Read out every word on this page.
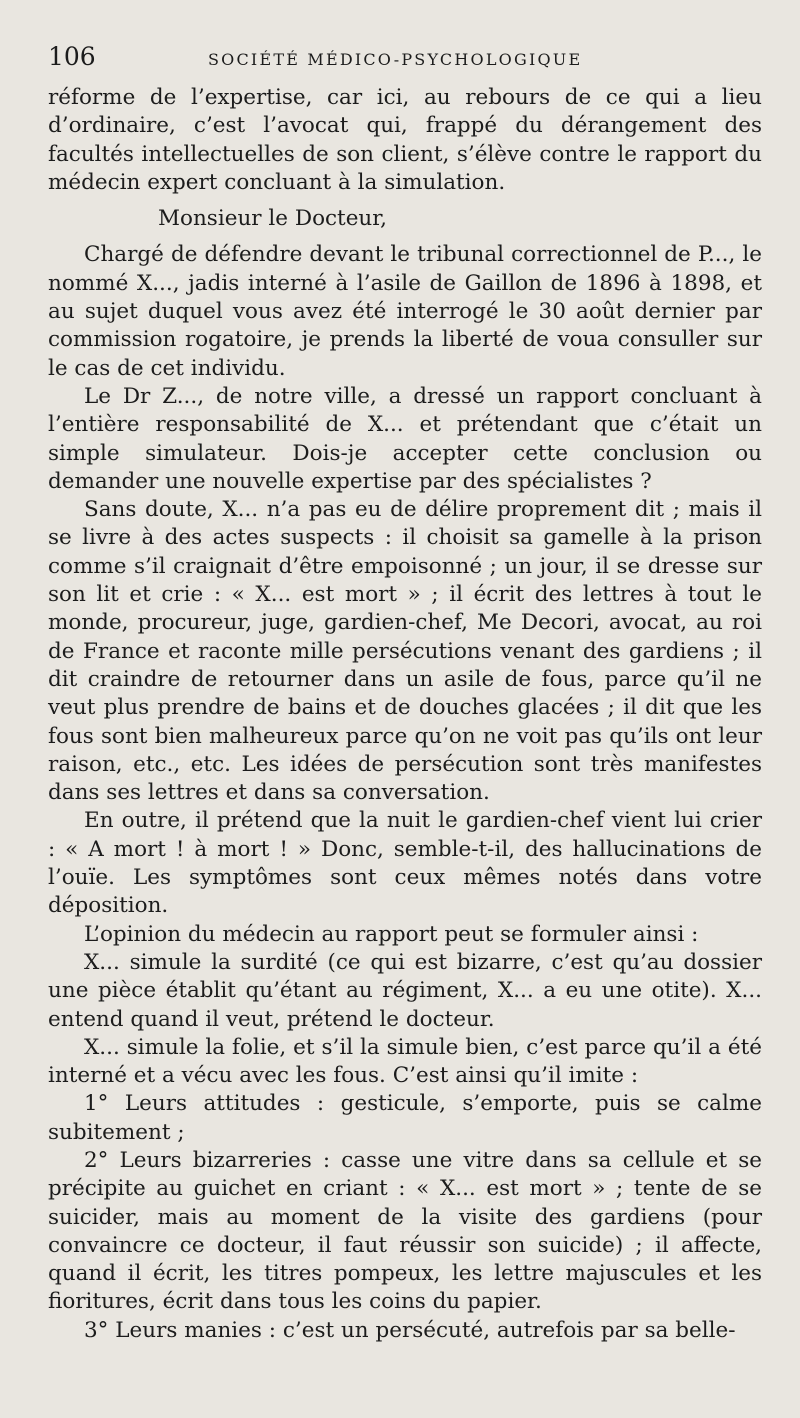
106	SOCIÉTÉ MÉDICO-PSYCHOLOGIQUE

réforme de l’expertise, car ici, au rebours de ce qui a lieu d’ordinaire, c’est l’avocat qui, frappé du dérangement des facultés intellectuelles de son client, s’élève contre le rapport du médecin expert concluant à la simulation.

Monsieur le Docteur,

Chargé de défendre devant le tribunal correctionnel de P..., le nommé X..., jadis interné à l’asile de Gaillon de 1896 à 1898, et au sujet duquel vous avez été interrogé le 30 août dernier par commission rogatoire, je prends la liberté de voua consuller sur le cas de cet individu.

Le Dr Z..., de notre ville, a dressé un rapport concluant à l’entière responsabilité de X... et prétendant que c’était un simple simulateur. Dois-je accepter cette conclusion ou demander une nouvelle expertise par des spécialistes ?

Sans doute, X... n’a pas eu de délire proprement dit ; mais il se livre à des actes suspects : il choisit sa gamelle à la prison comme s’il craignait d’être empoisonné ; un jour, il se dresse sur son lit et crie : « X... est mort » ; il écrit des lettres à tout le monde, procureur, juge, gardien-chef, Me Decori, avocat, au roi de France et raconte mille persécutions venant des gardiens ; il dit craindre de retourner dans un asile de fous, parce qu’il ne veut plus prendre de bains et de douches glacées ; il dit que les fous sont bien malheureux parce qu’on ne voit pas qu’ils ont leur raison, etc., etc. Les idées de persécution sont très manifestes dans ses lettres et dans sa conversation.

En outre, il prétend que la nuit le gardien-chef vient lui crier : « A mort ! à mort ! » Donc, semble-t-il, des hallucinations de l’ouïe. Les symptômes sont ceux mêmes notés dans votre déposition.

L’opinion du médecin au rapport peut se formuler ainsi :

X... simule la surdité (ce qui est bizarre, c’est qu’au dossier une pièce établit qu’étant au régiment, X... a eu une otite). X... entend quand il veut, prétend le docteur.

X... simule la folie, et s’il la simule bien, c’est parce qu’il a été interné et a vécu avec les fous. C’est ainsi qu’il imite :

1° Leurs attitudes : gesticule, s’emporte, puis se calme subitement ;

2° Leurs bizarreries : casse une vitre dans sa cellule et se précipite au guichet en criant : « X... est mort » ; tente de se suicider, mais au moment de la visite des gardiens (pour convaincre ce docteur, il faut réussir son suicide) ; il affecte, quand il écrit, les titres pompeux, les lettre majuscules et les fioritures, écrit dans tous les coins du papier.

3° Leurs manies : c’est un persécuté, autrefois par sa belle-
